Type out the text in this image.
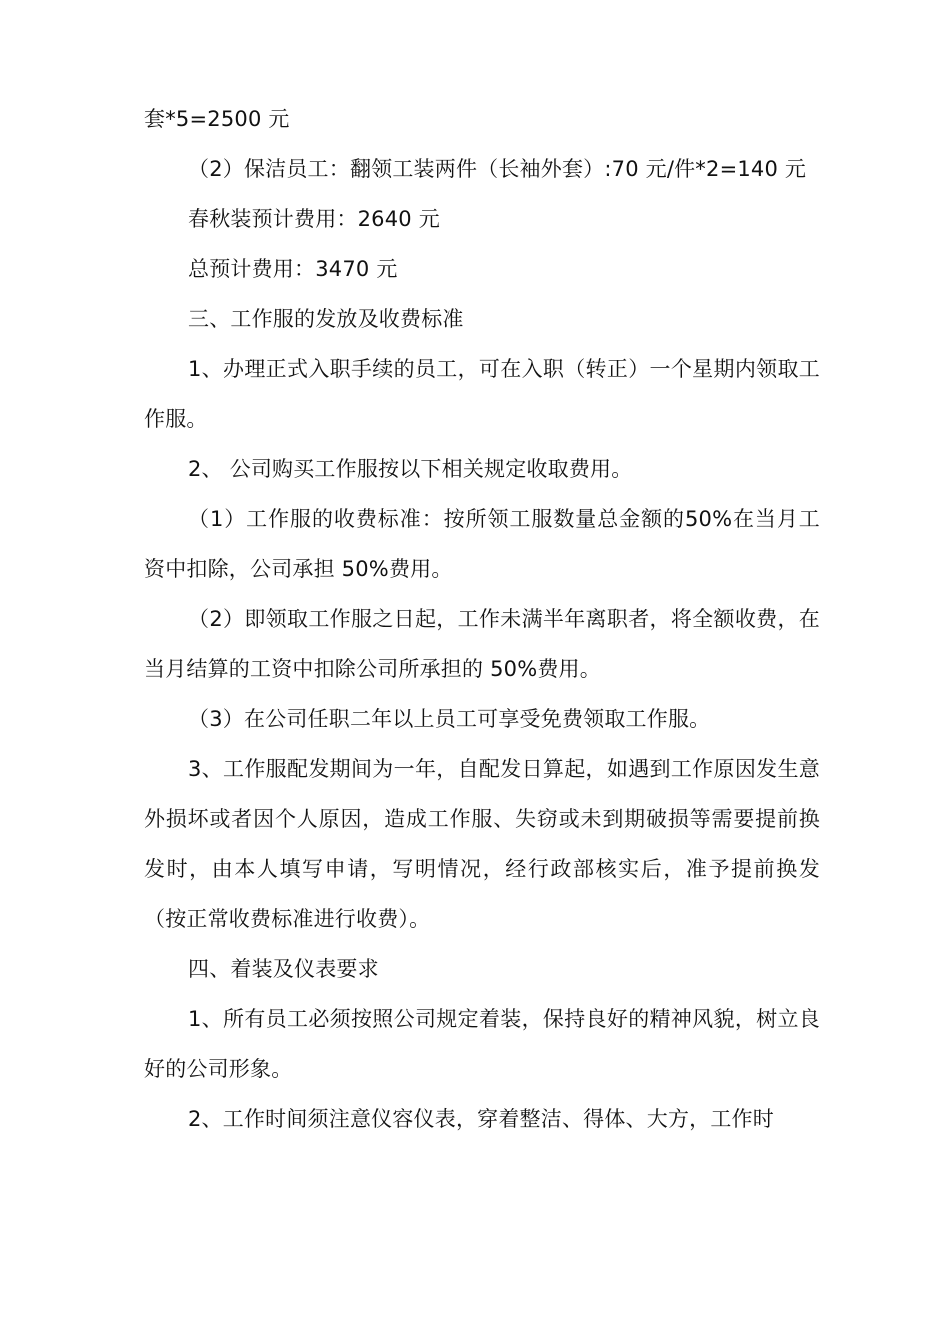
套*5=2500 元

（2）保洁员工：翻领工装两件（长袖外套）:70 元/件*2=140 元

春秋装预计费用：2640 元

总预计费用：3470 元

三、工作服的发放及收费标准

1、办理正式入职手续的员工，可在入职（转正）一个星期内领取工作服。

2、 公司购买工作服按以下相关规定收取费用。

（1）工作服的收费标准：按所领工服数量总金额的50%在当月工资中扣除，公司承担 50%费用。

（2）即领取工作服之日起，工作未满半年离职者，将全额收费，在当月结算的工资中扣除公司所承担的 50%费用。

（3）在公司任职二年以上员工可享受免费领取工作服。

3、工作服配发期间为一年，自配发日算起，如遇到工作原因发生意外损坏或者因个人原因，造成工作服、失窃或未到期破损等需要提前换发时，由本人填写申请，写明情况，经行政部核实后，准予提前换发（按正常收费标准进行收费）。

四、着装及仪表要求

1、所有员工必须按照公司规定着装，保持良好的精神风貌，树立良好的公司形象。

2、工作时间须注意仪容仪表，穿着整洁、得体、大方，工作时
